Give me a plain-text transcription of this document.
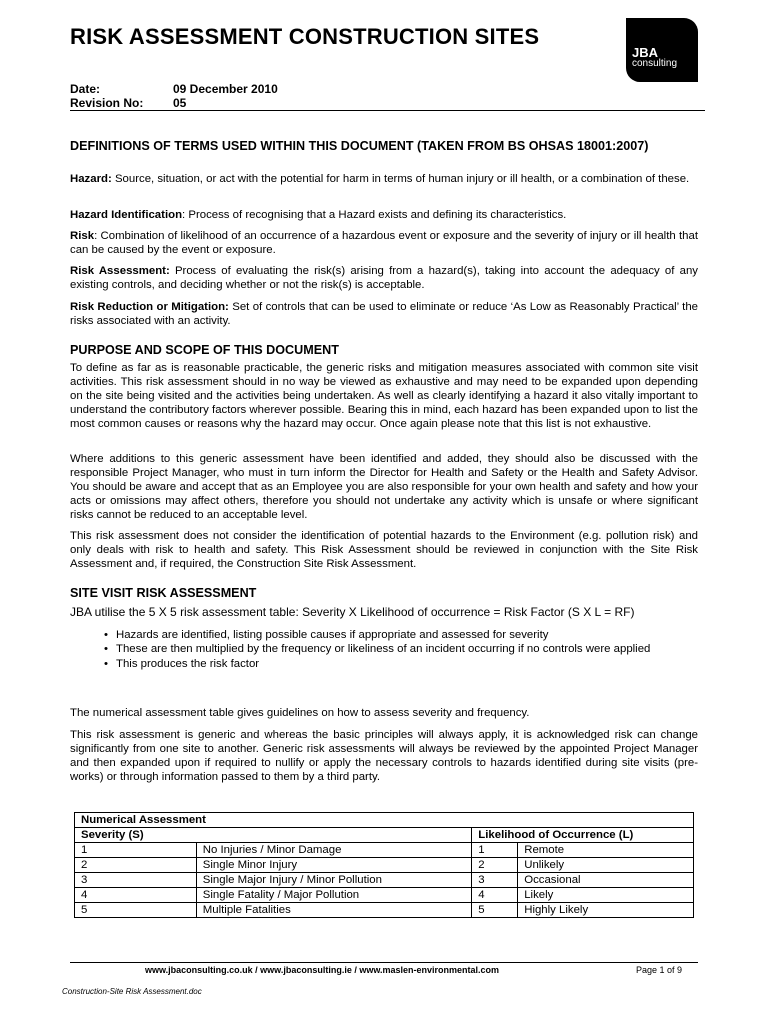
RISK ASSESSMENT CONSTRUCTION SITES
JBA
consulting
Date:	09 December 2010
Revision No: 05
DEFINITIONS OF TERMS USED WITHIN THIS DOCUMENT (TAKEN FROM BS OHSAS 18001:2007)
Hazard: Source, situation, or act with the potential for harm in terms of human injury or ill health, or a combination of these.
Hazard Identification: Process of recognising that a Hazard exists and defining its characteristics.
Risk: Combination of likelihood of an occurrence of a hazardous event or exposure and the severity of injury or ill health that can be caused by the event or exposure.
Risk Assessment: Process of evaluating the risk(s) arising from a hazard(s), taking into account the adequacy of any existing controls, and deciding whether or not the risk(s) is acceptable.
Risk Reduction or Mitigation: Set of controls that can be used to eliminate or reduce ‘As Low as Reasonably Practical’ the risks associated with an activity.
PURPOSE AND SCOPE OF THIS DOCUMENT
To define as far as is reasonable practicable, the generic risks and mitigation measures associated with common site visit activities. This risk assessment should in no way be viewed as exhaustive and may need to be expanded upon depending on the site being visited and the activities being undertaken. As well as clearly identifying a hazard it also vitally important to understand the contributory factors wherever possible. Bearing this in mind, each hazard has been expanded upon to list the most common causes or reasons why the hazard may occur. Once again please note that this list is not exhaustive.
Where additions to this generic assessment have been identified and added, they should also be discussed with the responsible Project Manager, who must in turn inform the Director for Health and Safety or the Health and Safety Advisor. You should be aware and accept that as an Employee you are also responsible for your own health and safety and how your acts or omissions may affect others, therefore you should not undertake any activity which is unsafe or where significant risks cannot be reduced to an acceptable level.
This risk assessment does not consider the identification of potential hazards to the Environment (e.g. pollution risk) and only deals with risk to health and safety. This Risk Assessment should be reviewed in conjunction with the Site Risk Assessment and, if required, the Construction Site Risk Assessment.
SITE VISIT RISK ASSESSMENT
JBA utilise the 5 X 5 risk assessment table: Severity X Likelihood of occurrence = Risk Factor (S X L = RF)
• Hazards are identified, listing possible causes if appropriate and assessed for severity
• These are then multiplied by the frequency or likeliness of an incident occurring if no controls were applied
• This produces the risk factor
The numerical assessment table gives guidelines on how to assess severity and frequency.
This risk assessment is generic and whereas the basic principles will always apply, it is acknowledged risk can change significantly from one site to another. Generic risk assessments will always be reviewed by the appointed Project Manager and then expanded upon if required to nullify or apply the necessary controls to hazards identified during site visits (pre-works) or through information passed to them by a third party.
Numerical Assessment			
Severity (S)		Likelihood of Occurrence (L)	
1	No Injuries / Minor Damage	1	Remote
2	Single Minor Injury	2	Unlikely
3	Single Major Injury / Minor Pollution	3	Occasional
4	Single Fatality / Major Pollution	4	Likely
5	Multiple Fatalities	5	Highly Likely
www.jbaconsulting.co.uk / www.jbaconsulting.ie / www.maslen-environmental.com	Page 1 of 9
Construction-Site Risk Assessment.doc
